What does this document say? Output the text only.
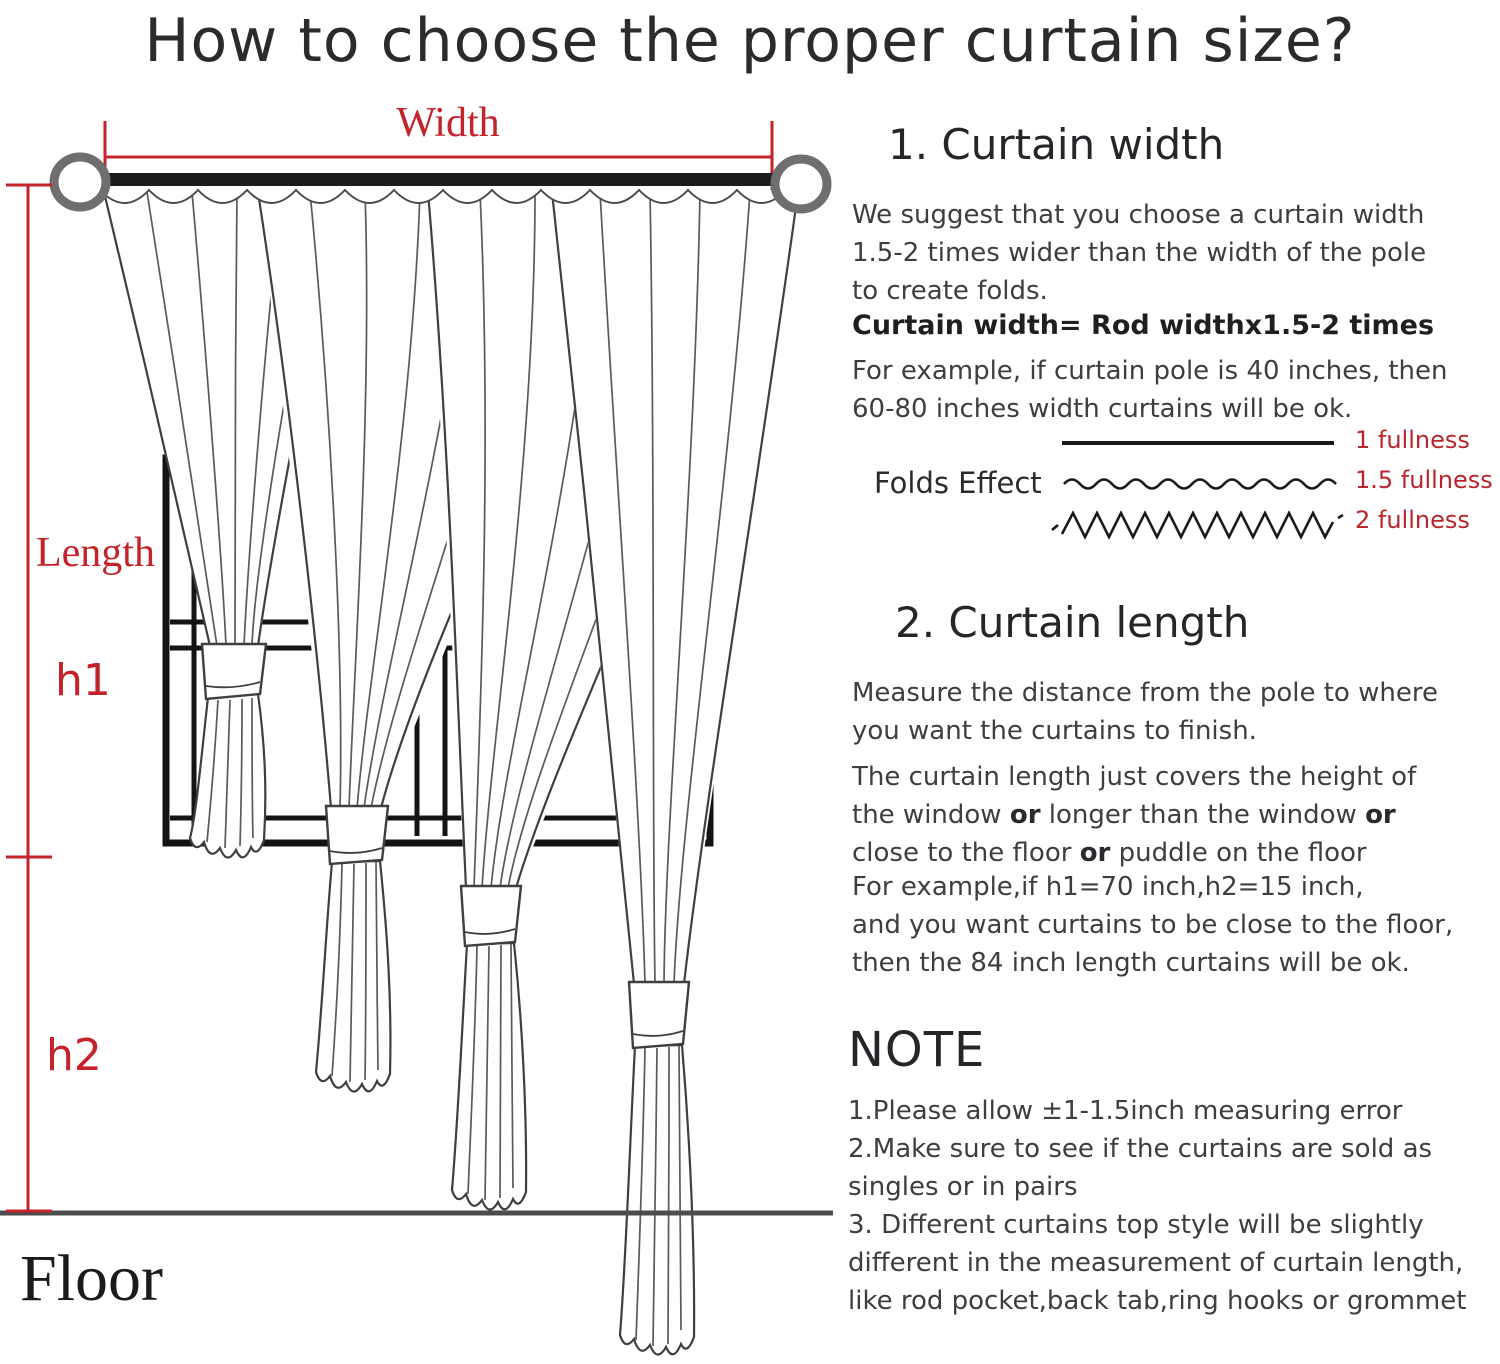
How to choose the proper curtain size?
Width
Length
h1
h2
Floor
1. Curtain width
We suggest that you choose a curtain width
1.5-2 times wider than the width of the pole
to create folds.
Curtain width= Rod widthx1.5-2 times
For example, if curtain pole is 40 inches, then
60-80 inches width curtains will be ok.
Folds Effect
1 fullness
1.5 fullness
2 fullness
2. Curtain length
Measure the distance from the pole to where
you want the curtains to finish.
The curtain length just covers the height of
the window or longer than the window or
close to the floor or puddle on the floor
For example,if h1=70 inch,h2=15 inch,
and you want curtains to be close to the floor,
then the 84 inch length curtains will be ok.
NOTE
1.Please allow ±1-1.5inch measuring error
2.Make sure to see if the curtains are sold as
singles or in pairs
3. Different curtains top style will be slightly
different in the measurement of curtain length,
like rod pocket,back tab,ring hooks or grommet
